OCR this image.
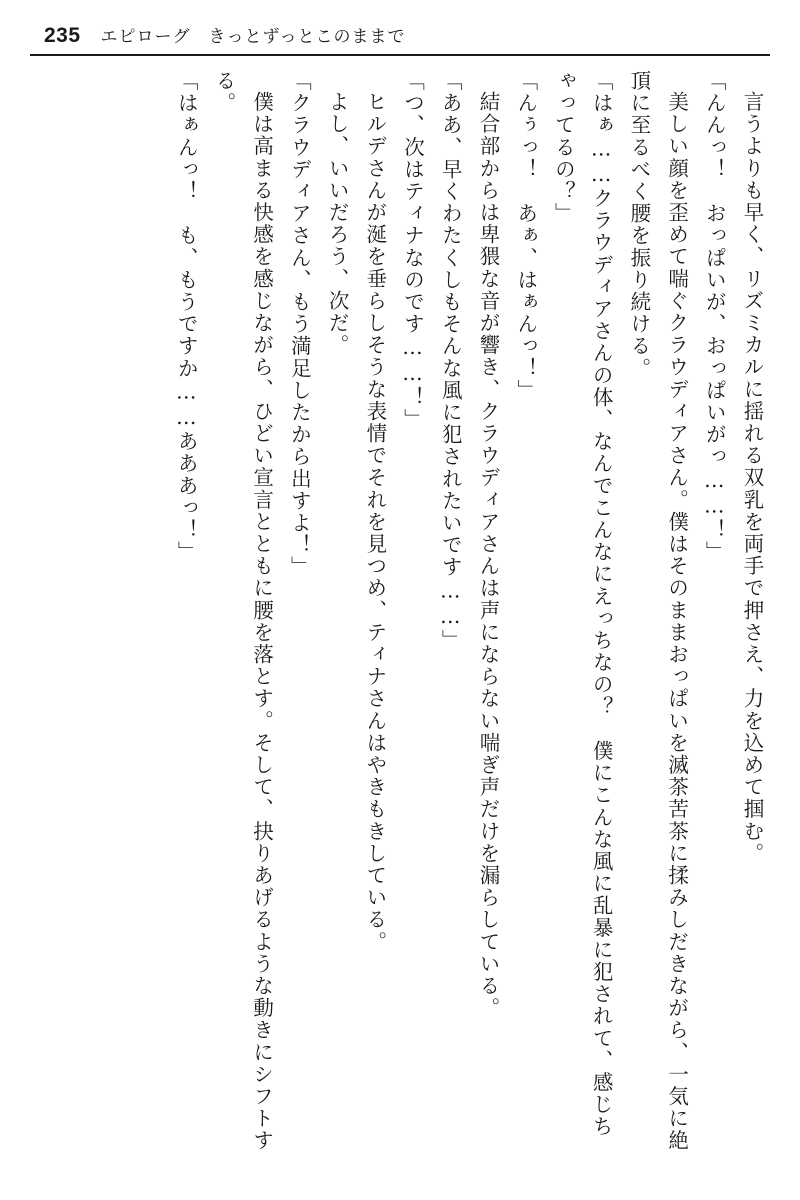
235 エピローグ　きっとずっとこのままで

言うよりも早く、リズミカルに揺れる双乳を両手で押さえ、力を込めて掴む。

「んんっ！　おっぱいが、おっぱいがっ……！」

美しい顔を歪めて喘ぐクラウディアさん。僕はそのままおっぱいを滅茶苦茶に揉みしだきながら、一気に絶頂に至るべく腰を振り続ける。

「はぁ……クラウディアさんの体、なんでこんなにえっちなの？　僕にこんな風に乱暴に犯されて、感じちゃってるの？」

「んぅっ！　あぁ、はぁんっ！」

結合部からは卑猥な音が響き、クラウディアさんは声にならない喘ぎ声だけを漏らしている。

「ああ、早くわたくしもそんな風に犯されたいです……」

「つ、次はティナなのです……！」

ヒルデさんが涎を垂らしそうな表情でそれを見つめ、ティナさんはやきもきしている。

よし、いいだろう、次だ。

「クラウディアさん、もう満足したから出すよ！」

僕は高まる快感を感じながら、ひどい宣言とともに腰を落とす。そして、抉りあげるような動きにシフトする。

「はぁんっ！　も、もうですか……あああっ！」
